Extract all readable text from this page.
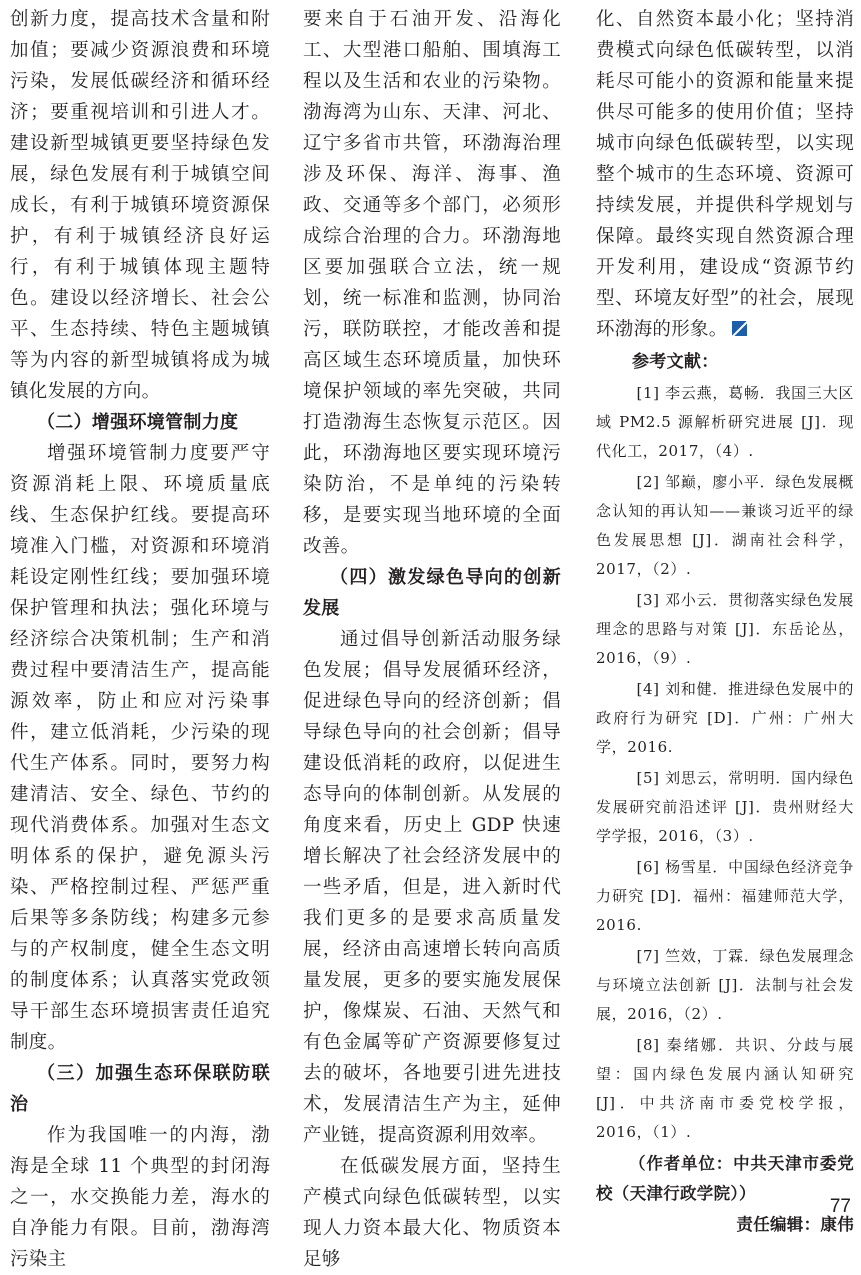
创新力度，提高技术含量和附加值；要减少资源浪费和环境污染，发展低碳经济和循环经济；要重视培训和引进人才。建设新型城镇更要坚持绿色发展，绿色发展有利于城镇空间成长，有利于城镇环境资源保护，有利于城镇经济良好运行，有利于城镇体现主题特色。建设以经济增长、社会公平、生态持续、特色主题城镇等为内容的新型城镇将成为城镇化发展的方向。

（二）增强环境管制力度

增强环境管制力度要严守资源消耗上限、环境质量底线、生态保护红线。要提高环境准入门槛，对资源和环境消耗设定刚性红线；要加强环境保护管理和执法；强化环境与经济综合决策机制；生产和消费过程中要清洁生产，提高能源效率，防止和应对污染事件，建立低消耗，少污染的现代生产体系。同时，要努力构建清洁、安全、绿色、节约的现代消费体系。加强对生态文明体系的保护，避免源头污染、严格控制过程、严惩严重后果等多条防线；构建多元参与的产权制度，健全生态文明的制度体系；认真落实党政领导干部生态环境损害责任追究制度。

（三）加强生态环保联防联治

作为我国唯一的内海，渤海是全球 11 个典型的封闭海之一，水交换能力差，海水的自净能力有限。目前，渤海湾污染主

要来自于石油开发、沿海化工、大型港口船舶、围填海工程以及生活和农业的污染物。渤海湾为山东、天津、河北、辽宁多省市共管，环渤海治理涉及环保、海洋、海事、渔政、交通等多个部门，必须形成综合治理的合力。环渤海地区要加强联合立法，统一规划，统一标准和监测，协同治污，联防联控，才能改善和提高区域生态环境质量，加快环境保护领域的率先突破，共同打造渤海生态恢复示范区。因此，环渤海地区要实现环境污染防治，不是单纯的污染转移，是要实现当地环境的全面改善。

（四）激发绿色导向的创新发展

通过倡导创新活动服务绿色发展；倡导发展循环经济，促进绿色导向的经济创新；倡导绿色导向的社会创新；倡导建设低消耗的政府，以促进生态导向的体制创新。从发展的角度来看，历史上 GDP 快速增长解决了社会经济发展中的一些矛盾，但是，进入新时代我们更多的是要求高质量发展，经济由高速增长转向高质量发展，更多的要实施发展保护，像煤炭、石油、天然气和有色金属等矿产资源要修复过去的破坏，各地要引进先进技术，发展清洁生产为主，延伸产业链，提高资源利用效率。

在低碳发展方面，坚持生产模式向绿色低碳转型，以实现人力资本最大化、物质资本足够

化、自然资本最小化；坚持消费模式向绿色低碳转型，以消耗尽可能小的资源和能量来提供尽可能多的使用价值；坚持城市向绿色低碳转型，以实现整个城市的生态环境、资源可持续发展，并提供科学规划与保障。最终实现自然资源合理开发利用，建设成“资源节约型、环境友好型”的社会，展现环渤海的形象。

参考文献：

[1] 李云燕，葛畅．我国三大区域 PM2.5 源解析研究进展 [J]．现代化工，2017，（4）.

[2] 邹巅，廖小平．绿色发展概念认知的再认知——兼谈习近平的绿色发展思想 [J]．湖南社会科学，2017，（2）.

[3] 邓小云．贯彻落实绿色发展理念的思路与对策 [J]．东岳论丛，2016，（9）.

[4] 刘和健．推进绿色发展中的政府行为研究 [D]．广州：广州大学，2016.

[5] 刘思云，常明明．国内绿色发展研究前沿述评 [J]．贵州财经大学学报，2016，（3）.

[6] 杨雪星．中国绿色经济竞争力研究 [D]．福州：福建师范大学，2016.

[7] 竺效，丁霖．绿色发展理念与环境立法创新 [J]．法制与社会发展，2016，（2）.

[8] 秦绪娜．共识、分歧与展望：国内绿色发展内涵认知研究 [J]．中共济南市委党校学报，2016，（1）.

（作者单位：中共天津市委党校（天津行政学院））

责任编辑：康伟

77
